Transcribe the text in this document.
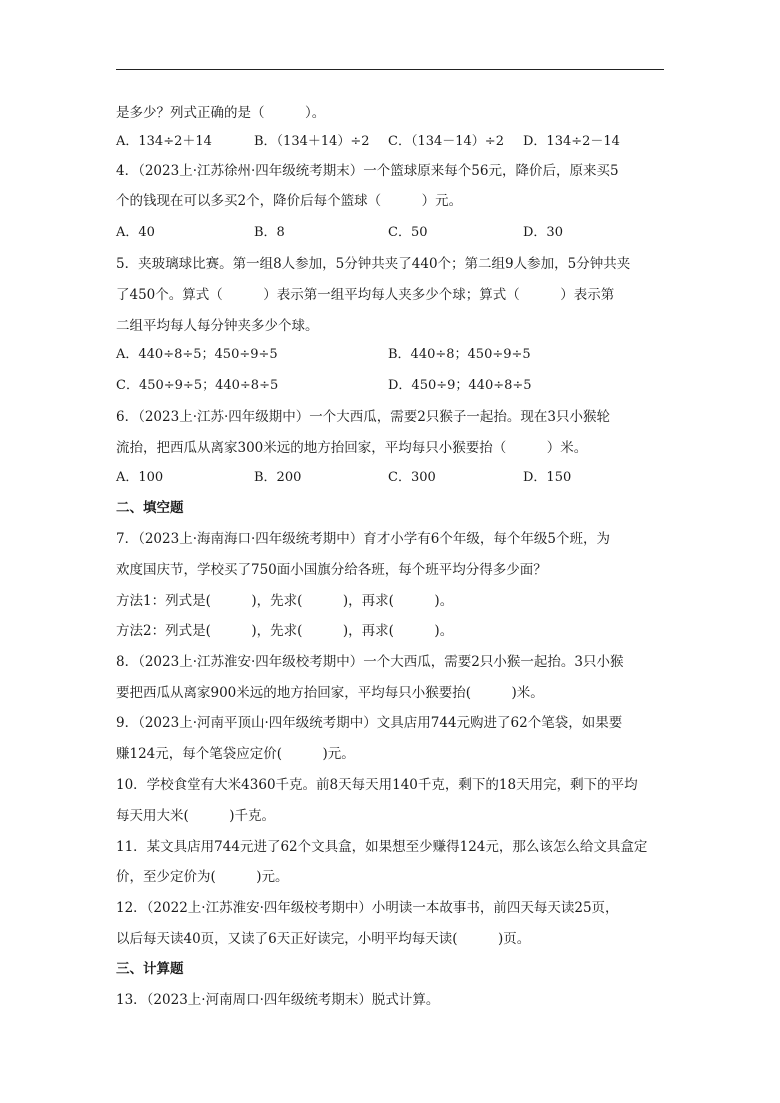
是多少？列式正确的是（　　　）。
A．134÷2＋14	B．（134＋14）÷2 C．（134－14）÷2 D．134÷2－14
4．（2023上·江苏徐州·四年级统考期末）一个篮球原来每个56元，降价后，原来买5
个的钱现在可以多买2个，降价后每个篮球（　　　）元。
A．40	B．8	C．50	D．30
5．夹玻璃球比赛。第一组8人参加，5分钟共夹了440个；第二组9人参加，5分钟共夹
了450个。算式（　　　）表示第一组平均每人夹多少个球；算式（　　　）表示第
二组平均每人每分钟夹多少个球。
A．440÷8÷5；450÷9÷5	B．440÷8；450÷9÷5
C．450÷9÷5；440÷8÷5	D．450÷9；440÷8÷5
6．（2023上·江苏·四年级期中）一个大西瓜，需要2只猴子一起抬。现在3只小猴轮
流抬，把西瓜从离家300米远的地方抬回家，平均每只小猴要抬（　　　）米。
A．100	B．200	C．300	D．150
二、填空题
7．（2023上·海南海口·四年级统考期中）育才小学有6个年级，每个年级5个班，为
欢度国庆节，学校买了750面小国旗分给各班，每个班平均分得多少面？
方法1：列式是(　　　)，先求(　　　)，再求(　　　)。
方法2：列式是(　　　)，先求(　　　)，再求(　　　)。
8．（2023上·江苏淮安·四年级校考期中）一个大西瓜，需要2只小猴一起抬。3只小猴
要把西瓜从离家900米远的地方抬回家，平均每只小猴要抬(　　　)米。
9．（2023上·河南平顶山·四年级统考期中）文具店用744元购进了62个笔袋，如果要
赚124元，每个笔袋应定价(　　　)元。
10．学校食堂有大米4360千克。前8天每天用140千克，剩下的18天用完，剩下的平均
每天用大米(　　　)千克。
11．某文具店用744元进了62个文具盒，如果想至少赚得124元，那么该怎么给文具盒定
价，至少定价为(　　　)元。
12．（2022上·江苏淮安·四年级校考期中）小明读一本故事书，前四天每天读25页，
以后每天读40页，又读了6天正好读完，小明平均每天读(　　　)页。
三、计算题
13．（2023上·河南周口·四年级统考期末）脱式计算。
